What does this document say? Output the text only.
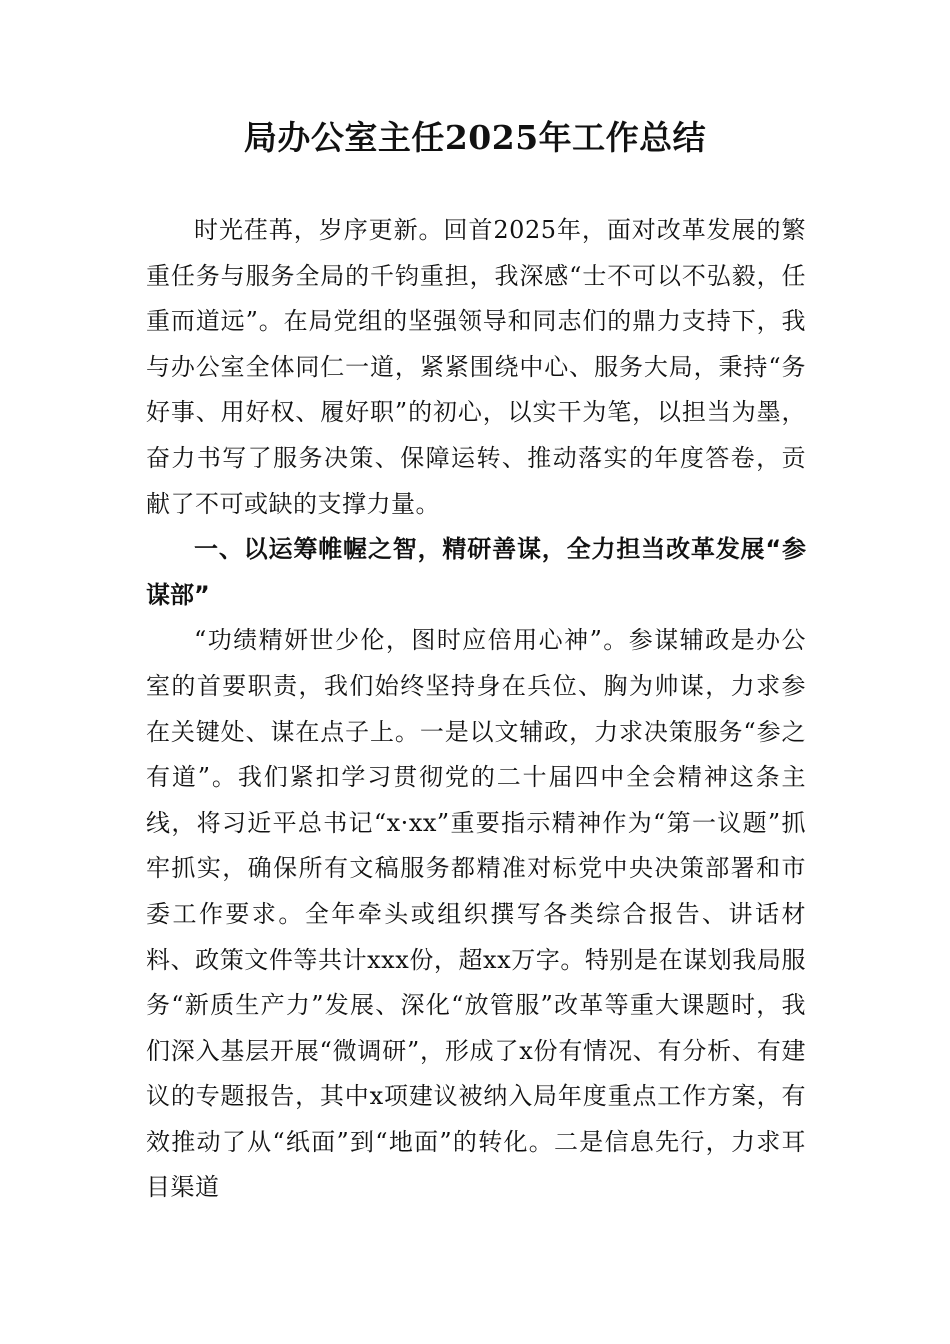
局办公室主任2025年工作总结

时光荏苒，岁序更新。回首2025年，面对改革发展的繁重任务与服务全局的千钧重担，我深感“士不可以不弘毅，任重而道远”。在局党组的坚强领导和同志们的鼎力支持下，我与办公室全体同仁一道，紧紧围绕中心、服务大局，秉持“务好事、用好权、履好职”的初心，以实干为笔，以担当为墨，奋力书写了服务决策、保障运转、推动落实的年度答卷，贡献了不可或缺的支撑力量。

一、以运筹帷幄之智，精研善谋，全力担当改革发展“参谋部”

“功绩精妍世少伦，图时应倍用心神”。参谋辅政是办公室的首要职责，我们始终坚持身在兵位、胸为帅谋，力求参在关键处、谋在点子上。一是以文辅政，力求决策服务“参之有道”。我们紧扣学习贯彻党的二十届四中全会精神这条主线，将习近平总书记“x·xx”重要指示精神作为“第一议题”抓牢抓实，确保所有文稿服务都精准对标党中央决策部署和市委工作要求。全年牵头或组织撰写各类综合报告、讲话材料、政策文件等共计xxx份，超xx万字。特别是在谋划我局服务“新质生产力”发展、深化“放管服”改革等重大课题时，我们深入基层开展“微调研”，形成了x份有情况、有分析、有建议的专题报告，其中x项建议被纳入局年度重点工作方案，有效推动了从“纸面”到“地面”的转化。二是信息先行，力求耳目渠道
